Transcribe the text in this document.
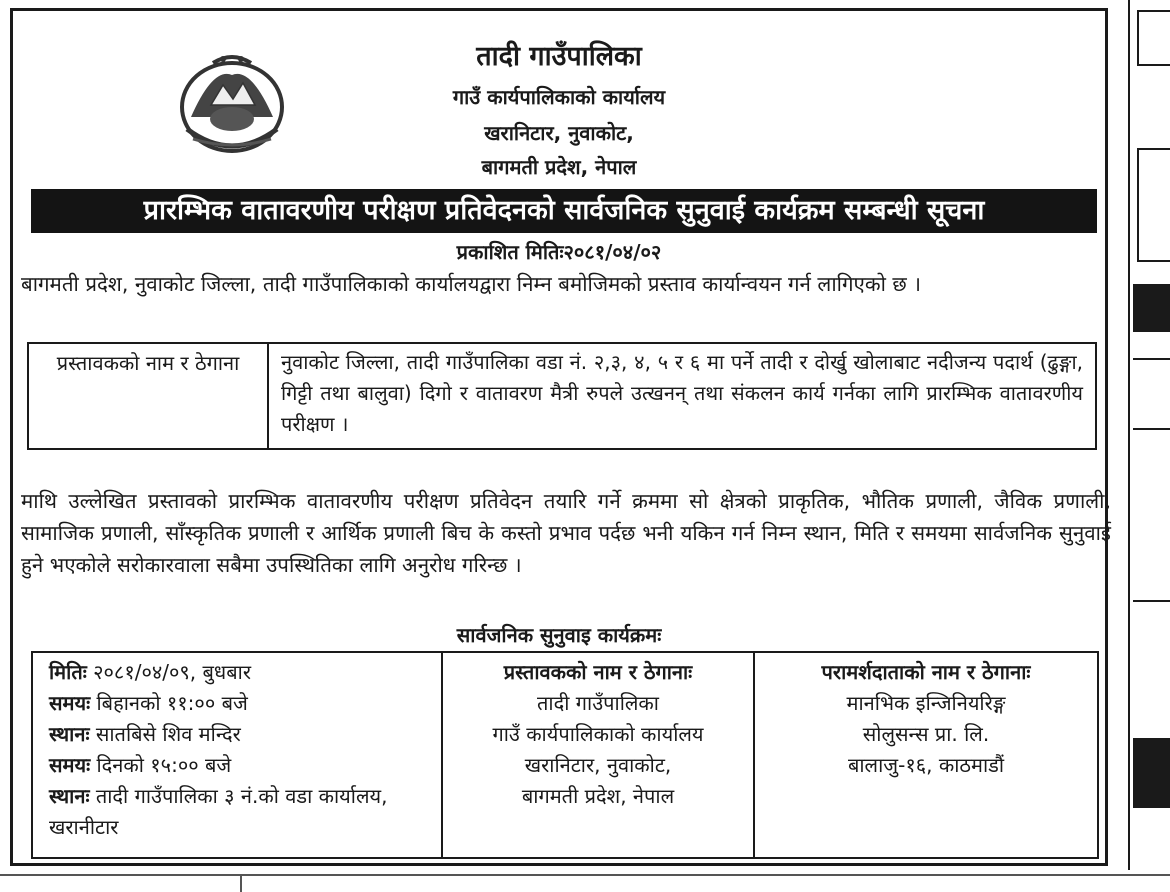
तादी गाउँपालिका
गाउँ कार्यपालिकाको कार्यालय
खरानिटार, नुवाकोट,
बागमती प्रदेश, नेपाल
प्रारम्भिक वातावरणीय परीक्षण प्रतिवेदनको सार्वजनिक सुनुवाई कार्यक्रम सम्बन्धी सूचना
प्रकाशित मितिः२०८१/०४/०२
बागमती प्रदेश, नुवाकोट जिल्ला, तादी गाउँपालिकाको कार्यालयद्वारा निम्न बमोजिमको प्रस्ताव कार्यान्वयन गर्न लागिएको छ ।
प्रस्तावकको नाम र ठेगाना	नुवाकोट जिल्ला, तादी गाउँपालिका वडा नं. २,३, ४, ५ र ६ मा पर्ने तादी र दोर्खु खोलाबाट नदीजन्य पदार्थ (ढुङ्गा, गिट्टी तथा बालुवा) दिगो र वातावरण मैत्री रुपले उत्खनन् तथा संकलन कार्य गर्नका लागि प्रारम्भिक वातावरणीय परीक्षण ।
माथि उल्लेखित प्रस्तावको प्रारम्भिक वातावरणीय परीक्षण प्रतिवेदन तयारि गर्ने क्रममा सो क्षेत्रको प्राकृतिक, भौतिक प्रणाली, जैविक प्रणाली, सामाजिक प्रणाली, साँस्कृतिक प्रणाली र आर्थिक प्रणाली बिच के कस्तो प्रभाव पर्दछ भनी यकिन गर्न निम्न स्थान, मिति र समयमा सार्वजनिक सुनुवाई हुने भएकोले सरोकारवाला सबैमा उपस्थितिका लागि अनुरोध गरिन्छ ।
सार्वजनिक सुनुवाइ कार्यक्रमः
मितिः २०८१/०४/०९, बुधबार
समयः बिहानको ११:०० बजे
स्थानः सातबिसे शिव मन्दिर
समयः दिनको १५:०० बजे
स्थानः तादी गाउँपालिका ३ नं.को वडा कार्यालय, खरानीटार
प्रस्तावकको नाम र ठेगानाः
तादी गाउँपालिका
गाउँ कार्यपालिकाको कार्यालय
खरानिटार, नुवाकोट,
बागमती प्रदेश, नेपाल
परामर्शदाताको नाम र ठेगानाः
मानभिक इन्जिनियरिङ्ग
सोलुसन्स प्रा. लि.
बालाजु-१६, काठमाडौं
